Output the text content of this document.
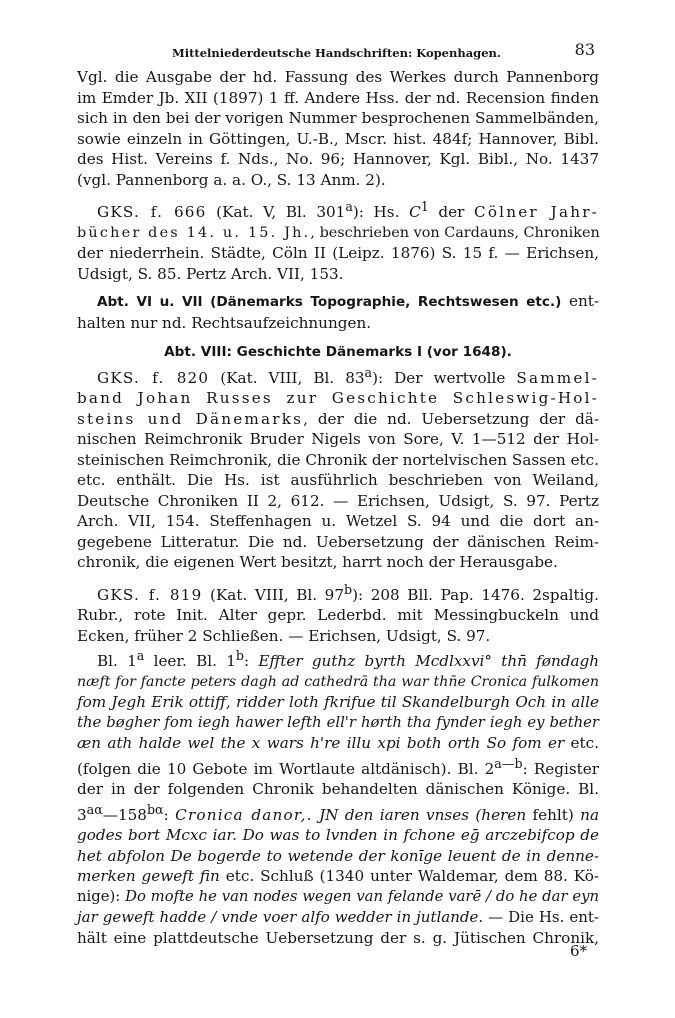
Mittelniederdeutsche Handschriften: Kopenhagen.	83

Vgl. die Ausgabe der hd. Fassung des Werkes durch Pannenborg

im Emder Jb. XII (1897) 1 ff. Andere Hss. der nd. Recension finden

sich in den bei der vorigen Nummer besprochenen Sammelbänden,

sowie einzeln in Göttingen, U.-B., Mscr. hist. 484f; Hannover, Bibl.

des Hist. Vereins f. Nds., No. 96; Hannover, Kgl. Bibl., No. 1437

(vgl. Pannenborg a. a. O., S. 13 Anm. 2).

GKS. f. 666 (Kat. V, Bl. 301$^a$): Hs. $C^1$ der Cölner Jahr-

bücher des 14. u. 15. Jh., beschrieben von Cardauns, Chroniken

der niederrhein. Städte, Cöln II (Leipz. 1876) S. 15 f. — Erichsen,

Udsigt, S. 85. Pertz Arch. VII, 153.

Abt. VI u. VII (Dänemarks Topographie, Rechtswesen etc.) ent-

halten nur nd. Rechtsaufzeichnungen.

Abt. VIII: Geschichte Dänemarks I (vor 1648).

GKS. f. 820 (Kat. VIII, Bl. 83$^a$): Der wertvolle Sammel-

band Johan Russes zur Geschichte Schleswig-Hol-

steins und Dänemarks, der die nd. Uebersetzung der dä-

nischen Reimchronik Bruder Nigels von Sore, V. 1—512 der Hol-

steinischen Reimchronik, die Chronik der nortelvischen Sassen etc.

etc. enthält. Die Hs. ist ausführlich beschrieben von Weiland,

Deutsche Chroniken II 2, 612. — Erichsen, Udsigt, S. 97. Pertz

Arch. VII, 154. Steffenhagen u. Wetzel S. 94 und die dort an-

gegebene Litteratur. Die nd. Uebersetzung der dänischen Reim-

chronik, die eigenen Wert besitzt, harrt noch der Herausgabe.

GKS. f. 819 (Kat. VIII, Bl. 97$^b$): 208 Bll. Pap. 1476. 2spaltig.

Rubr., rote Init. Alter gepr. Lederbd. mit Messingbuckeln und

Ecken, früher 2 Schließen. — Erichsen, Udsigt, S. 97.

Bl. 1$^a$ leer. Bl. 1$^b$: Effter guthz byrth Mcdlxxvi° thn̄ føndagh

næft for fancte peters dagh ad cathedrā tha war thn̄e Cronica fulkomen

fom Jegh Erik ottiff, ridder loth fkrifue til Skandelburgh Och in alle

the bøgher fom iegh hawer lefth ell'r hørth tha fynder iegh ey bether

æn ath halde wel the x wars h're illu xpi both orth So fom er etc.

(folgen die 10 Gebote im Wortlaute altdänisch). Bl. $2^{a—b}$: Register

der in der folgenden Chronik behandelten dänischen Könige. Bl.

$3^{a\alpha}—158^{b\alpha}$: Cronica danor,. JN den iaren vnses (heren fehlt) na

godes bort Mcxc iar. Do was to lvnden in fchone eḡ arczebifcop de

het abfolon De bogerde to wetende der konīge leuent de in denne-

merken geweft fin etc. Schluß (1340 unter Waldemar, dem 88. Kö-

nige): Do mofte he van nodes wegen van felande varē / do he dar eyn

jar geweft hadde / vnde voer alfo wedder in jutlande. — Die Hs. ent-

hält eine plattdeutsche Uebersetzung der s. g. Jütischen Chronik,

6*
